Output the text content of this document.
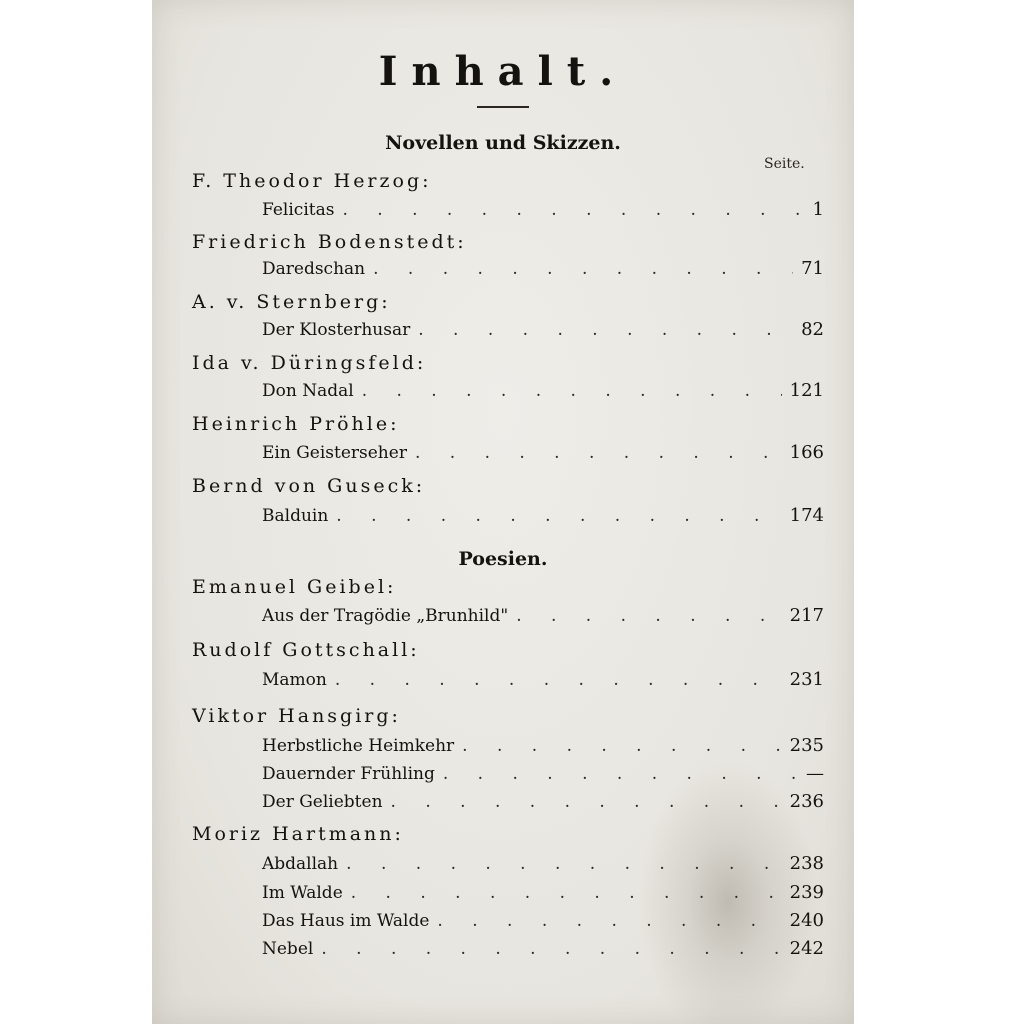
Inhalt.
Novellen und Skizzen.
Seite.
F. Theodor Herzog:
Felicitas . . .	1
Friedrich Bodenstedt:
Daredschan . . .	71
A. v. Sternberg:
Der Klosterhusar . . .	82
Ida v. Düringsfeld:
Don Nadal . . .	121
Heinrich Pröhle:
Ein Geisterseher . . .	166
Bernd von Guseck:
Balduin . . .	174
Poesien.
Emanuel Geibel:
Aus der Tragödie „Brunhild" . . .	217
Rudolf Gottschall:
Mamon . . .	231
Viktor Hansgirg:
Herbstliche Heimkehr . . .	235
Dauernder Frühling . . .	—
Der Geliebten . . .	236
Moriz Hartmann:
Abdallah . . .	238
Im Walde . . .	239
Das Haus im Walde . . .	240
Nebel . . .	242
